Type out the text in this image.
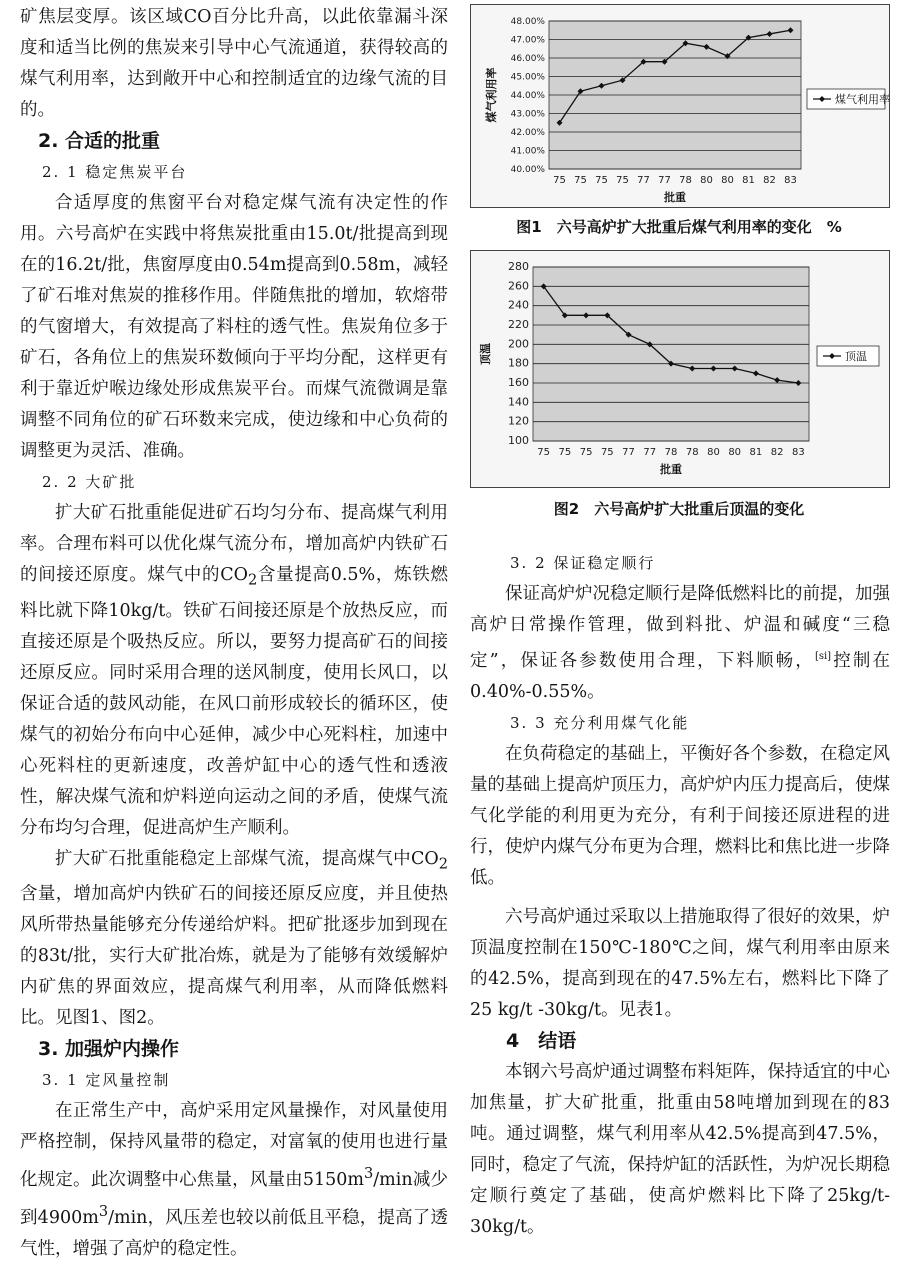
矿焦层变厚。该区域CO百分比升高，以此依靠漏斗深度和适当比例的焦炭来引导中心气流通道，获得较高的煤气利用率，达到敞开中心和控制适宜的边缘气流的目的。

2. 合适的批重
2. 1 稳定焦炭平台

合适厚度的焦窗平台对稳定煤气流有决定性的作用。六号高炉在实践中将焦炭批重由15.0t/批提高到现在的16.2t/批，焦窗厚度由0.54m提高到0.58m，减轻了矿石堆对焦炭的推移作用。伴随焦批的增加，软熔带的气窗增大，有效提高了料柱的透气性。焦炭角位多于矿石，各角位上的焦炭环数倾向于平均分配，这样更有利于靠近炉喉边缘处形成焦炭平台。而煤气流微调是靠调整不同角位的矿石环数来完成，使边缘和中心负荷的调整更为灵活、准确。

2. 2 大矿批

扩大矿石批重能促进矿石均匀分布、提高煤气利用率。合理布料可以优化煤气流分布，增加高炉内铁矿石的间接还原度。煤气中的$CO_2$含量提高0.5%，炼铁燃料比就下降10kg/t。铁矿石间接还原是个放热反应，而直接还原是个吸热反应。所以，要努力提高矿石的间接还原反应。同时采用合理的送风制度，使用长风口，以保证合适的鼓风动能，在风口前形成较长的循环区，使煤气的初始分布向中心延伸，减少中心死料柱，加速中心死料柱的更新速度，改善炉缸中心的透气性和透液性，解决煤气流和炉料逆向运动之间的矛盾，使煤气流分布均匀合理，促进高炉生产顺利。

扩大矿石批重能稳定上部煤气流，提高煤气中$CO_2$含量，增加高炉内铁矿石的间接还原反应度，并且使热风所带热量能够充分传递给炉料。把矿批逐步加到现在的83t/批，实行大矿批冶炼，就是为了能够有效缓解炉内矿焦的界面效应，提高煤气利用率，从而降低燃料比。见图1、图2。

3. 加强炉内操作
3. 1 定风量控制

在正常生产中，高炉采用定风量操作，对风量使用严格控制，保持风量带的稳定，对富氧的使用也进行量化规定。此次调整中心焦量，风量由$5150m^3/\min$减少到$4900m^3/\min$，风压差也较以前低且平稳，提高了透气性，增强了高炉的稳定性。

40.00%
41.00%
42.00%
43.00%
44.00%
45.00%
46.00%
47.00%
48.00%
75 75 75 75 77 77 78 80 80 81 82 83
批重
煤气利用率	煤气利用率
图1　六号高炉扩大批重后煤气利用率的变化　%
100
120
140
160
180
200
220
240
260
280
75 75 75 75 77 77 78 78 80 80 81 82 83
批重
顶温	顶温
图2　六号高炉扩大批重后顶温的变化
3. 2 保证稳定顺行

保证高炉炉况稳定顺行是降低燃料比的前提，加强高炉日常操作管理，做到料批、炉温和碱度“三稳定”，保证各参数使用合理，下料顺畅，[si]控制在0.40%-0.55%。

3. 3 充分利用煤气化能

在负荷稳定的基础上，平衡好各个参数，在稳定风量的基础上提高炉顶压力，高炉炉内压力提高后，使煤气化学能的利用更为充分，有利于间接还原进程的进行，使炉内煤气分布更为合理，燃料比和焦比进一步降低。

六号高炉通过采取以上措施取得了很好的效果，炉顶温度控制在150℃-180℃之间，煤气利用率由原来的42.5%，提高到现在的47.5%左右，燃料比下降了25 kg/t -30kg/t。见表1。

4　结语

本钢六号高炉通过调整布料矩阵，保持适宜的中心加焦量，扩大矿批重，批重由58吨增加到现在的83吨。通过调整，煤气利用率从42.5%提高到47.5%，同时，稳定了气流，保持炉缸的活跃性，为炉况长期稳定顺行奠定了基础，使高炉燃料比下降了25kg/t-30kg/t。
